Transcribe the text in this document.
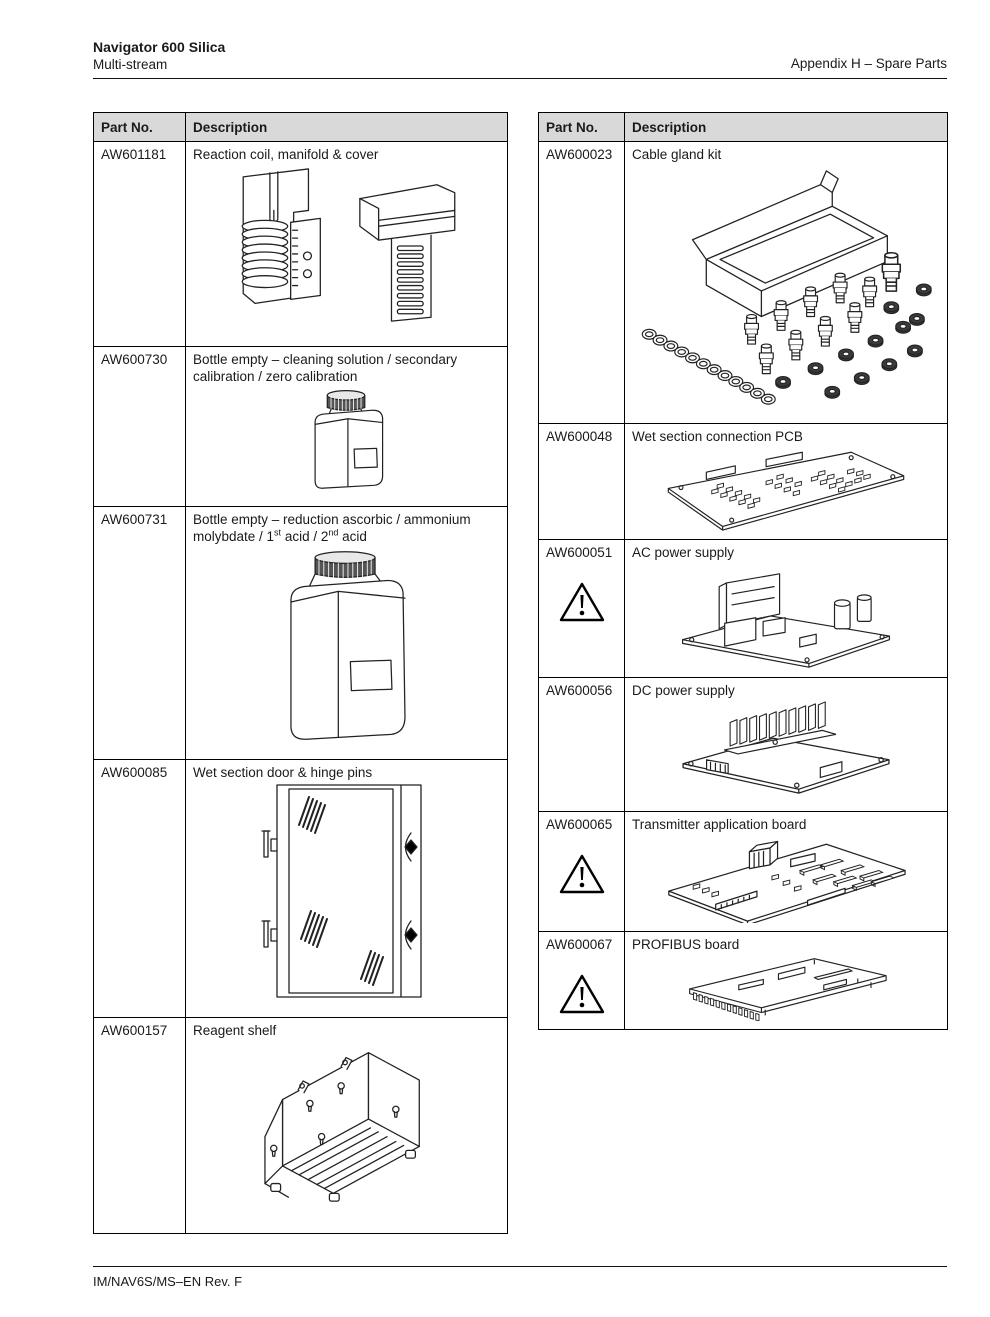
Navigator 600 Silica
Multi-stream	Appendix H – Spare Parts
Part No.	Description
AW601181	Reaction coil, manifold & cover

AW600730	Bottle empty – cleaning solution / secondary calibration / zero calibration

AW600731	Bottle empty – reduction ascorbic / ammonium molybdate / 1st acid / 2nd acid

AW600085	Wet section door & hinge pins

AW600157	Reagent shelf
Part No.	Description
AW600023	Cable gland kit

AW600048	Wet section connection PCB

AW600051	AC power supply

AW600056	DC power supply

AW600065	Transmitter application board

AW600067	PROFIBUS board
IM/NAV6S/MS–EN Rev. F
